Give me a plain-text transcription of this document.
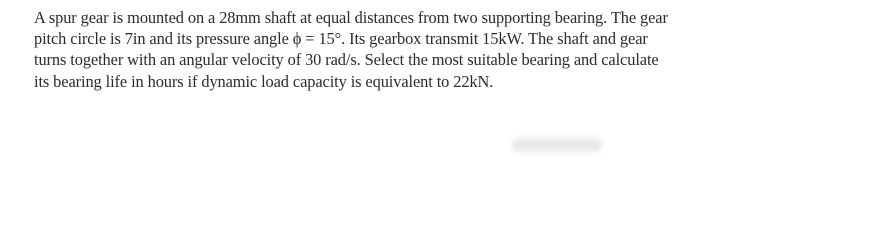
A spur gear is mounted on a 28mm shaft at equal distances from two supporting bearing. The gear
pitch circle is 7in and its pressure angle ϕ = 15°. Its gearbox transmit 15kW. The shaft and gear
turns together with an angular velocity of 30 rad/s. Select the most suitable bearing and calculate
its bearing life in hours if dynamic load capacity is equivalent to 22kN.
